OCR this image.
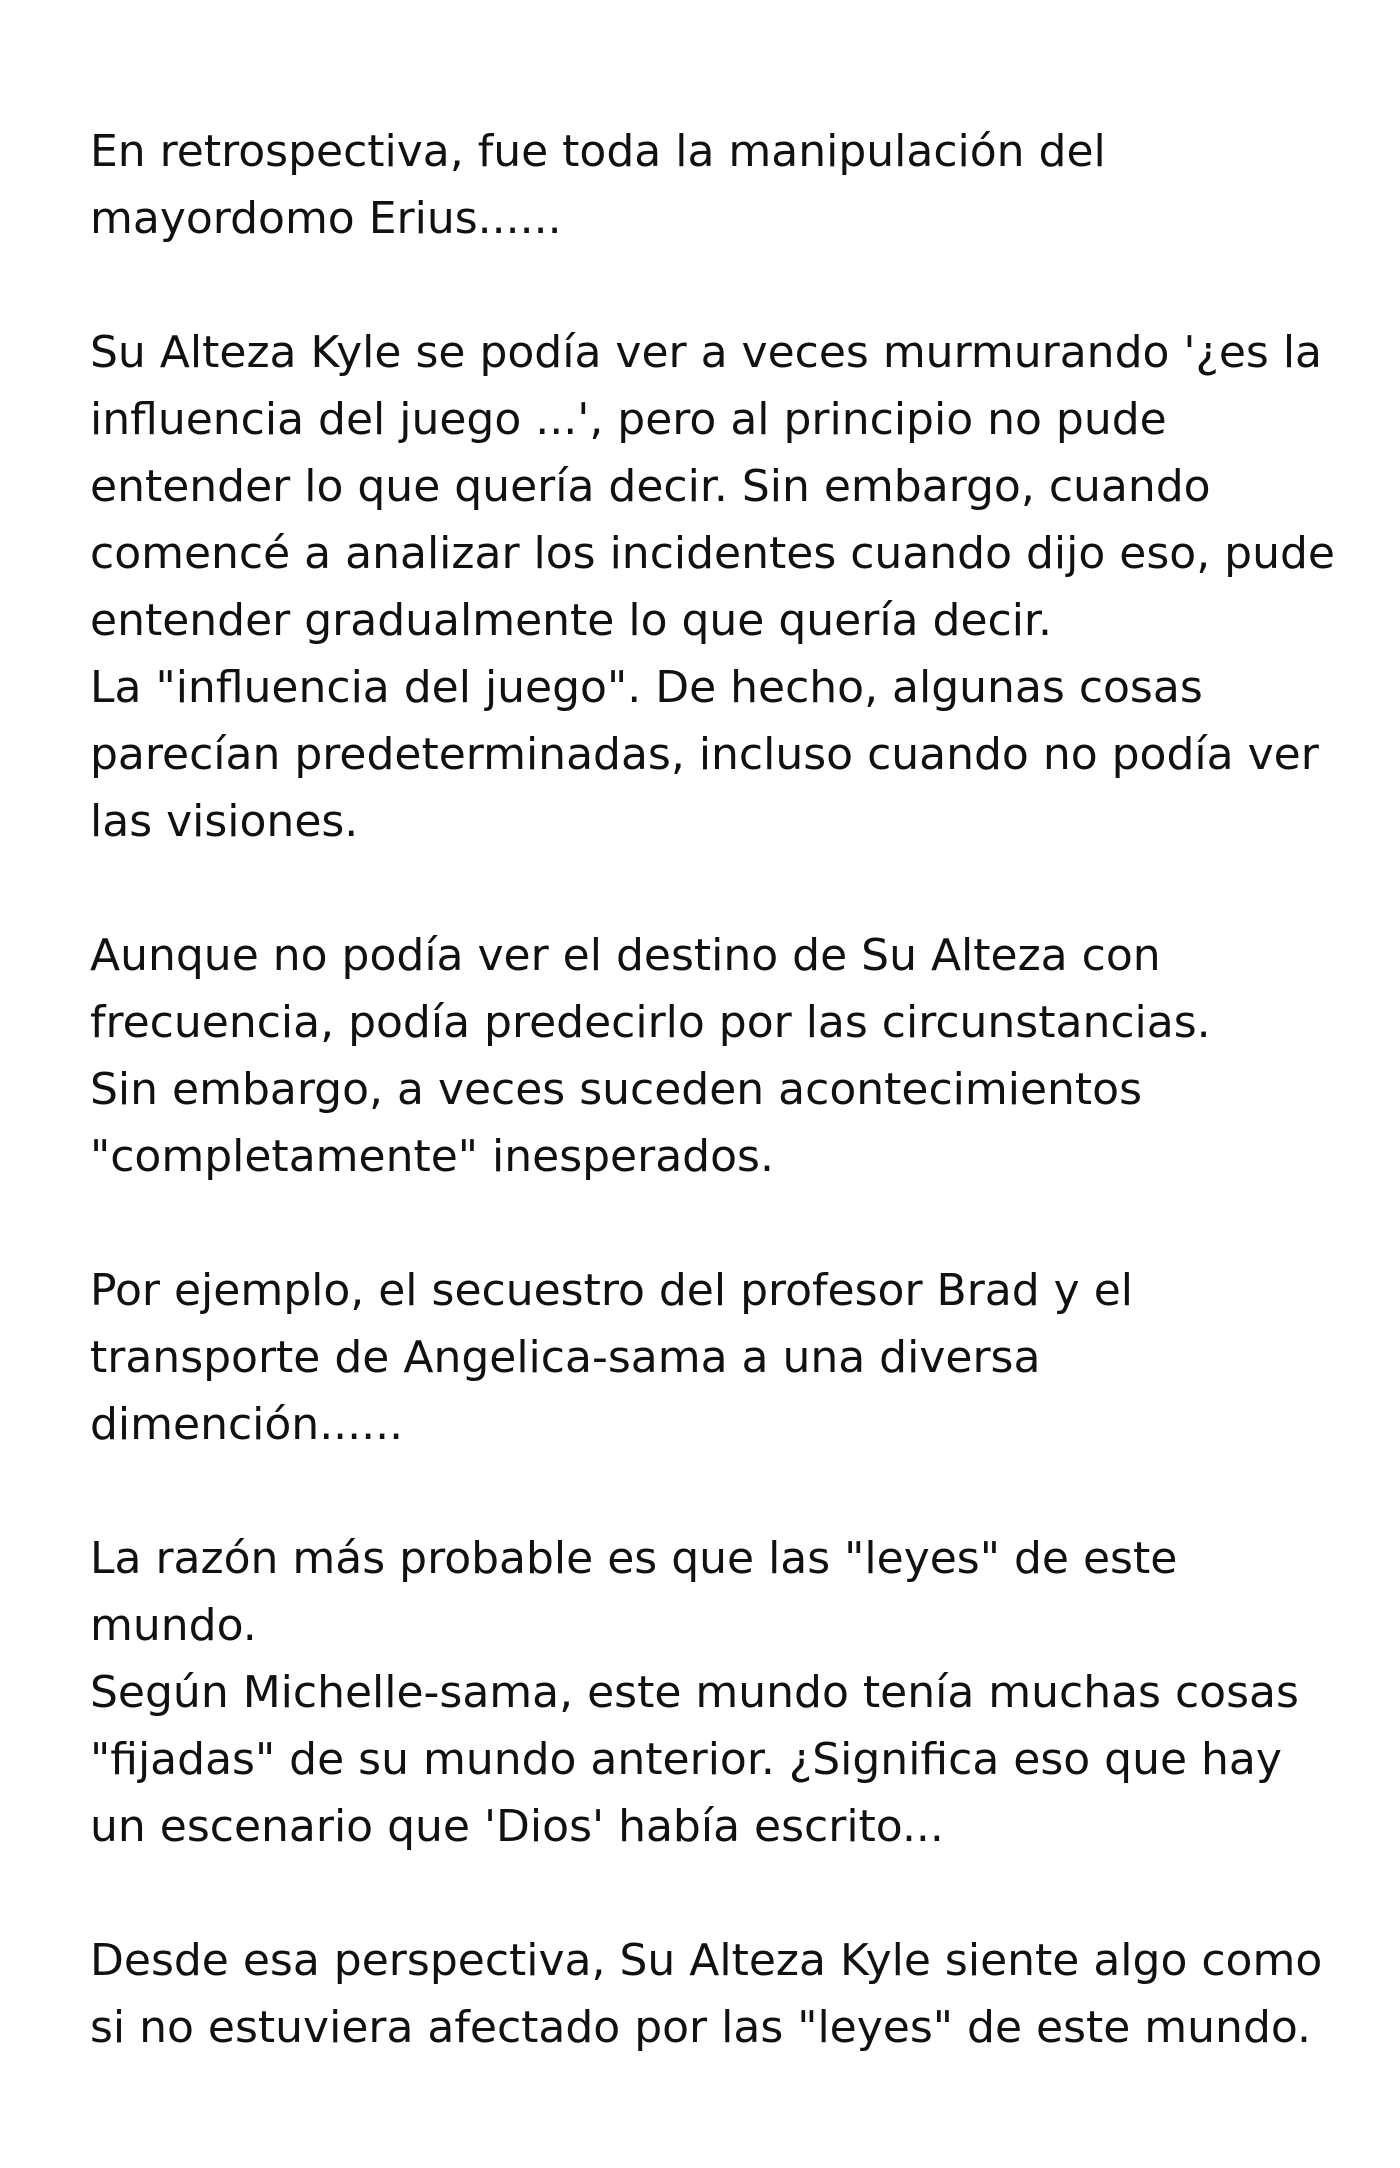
En retrospectiva, fue toda la manipulación del
mayordomo Erius......
Su Alteza Kyle se podía ver a veces murmurando '¿es la
influencia del juego ...', pero al principio no pude
entender lo que quería decir. Sin embargo, cuando
comencé a analizar los incidentes cuando dijo eso, pude
entender gradualmente lo que quería decir.
La "influencia del juego". De hecho, algunas cosas
parecían predeterminadas, incluso cuando no podía ver
las visiones.
Aunque no podía ver el destino de Su Alteza con
frecuencia, podía predecirlo por las circunstancias.
Sin embargo, a veces suceden acontecimientos
"completamente" inesperados.
Por ejemplo, el secuestro del profesor Brad y el
transporte de Angelica-sama a una diversa
dimención......
La razón más probable es que las "leyes" de este
mundo.
Según Michelle-sama, este mundo tenía muchas cosas
"fijadas" de su mundo anterior. ¿Significa eso que hay
un escenario que 'Dios' había escrito...
Desde esa perspectiva, Su Alteza Kyle siente algo como
si no estuviera afectado por las "leyes" de este mundo.
